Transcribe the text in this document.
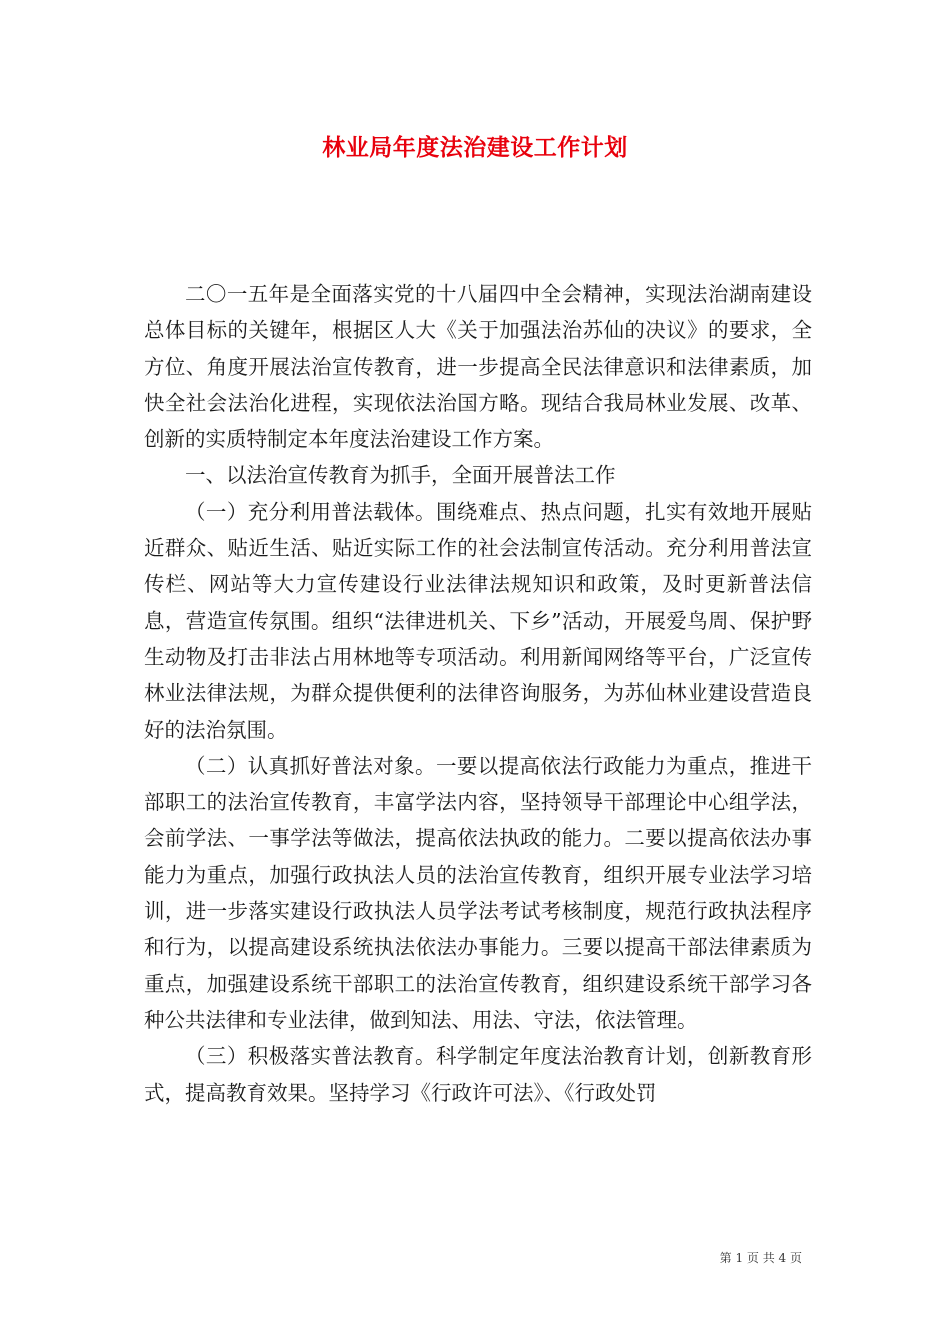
林业局年度法治建设工作计划

二〇一五年是全面落实党的十八届四中全会精神，实现法治湖南建设总体目标的关键年，根据区人大《关于加强法治苏仙的决议》的要求，全方位、角度开展法治宣传教育，进一步提高全民法律意识和法律素质，加快全社会法治化进程，实现依法治国方略。现结合我局林业发展、改革、创新的实质特制定本年度法治建设工作方案。

一、以法治宣传教育为抓手，全面开展普法工作

（一）充分利用普法载体。围绕难点、热点问题，扎实有效地开展贴近群众、贴近生活、贴近实际工作的社会法制宣传活动。充分利用普法宣传栏、网站等大力宣传建设行业法律法规知识和政策，及时更新普法信息，营造宣传氛围。组织“法律进机关、下乡”活动，开展爱鸟周、保护野生动物及打击非法占用林地等专项活动。利用新闻网络等平台，广泛宣传林业法律法规，为群众提供便利的法律咨询服务，为苏仙林业建设营造良好的法治氛围。

（二）认真抓好普法对象。一要以提高依法行政能力为重点，推进干部职工的法治宣传教育，丰富学法内容，坚持领导干部理论中心组学法，会前学法、一事学法等做法，提高依法执政的能力。二要以提高依法办事能力为重点，加强行政执法人员的法治宣传教育，组织开展专业法学习培训，进一步落实建设行政执法人员学法考试考核制度，规范行政执法程序和行为，以提高建设系统执法依法办事能力。三要以提高干部法律素质为重点，加强建设系统干部职工的法治宣传教育，组织建设系统干部学习各种公共法律和专业法律，做到知法、用法、守法，依法管理。

（三）积极落实普法教育。科学制定年度法治教育计划，创新教育形式，提高教育效果。坚持学习《行政许可法》、《行政处罚

第 1 页 共 4 页
